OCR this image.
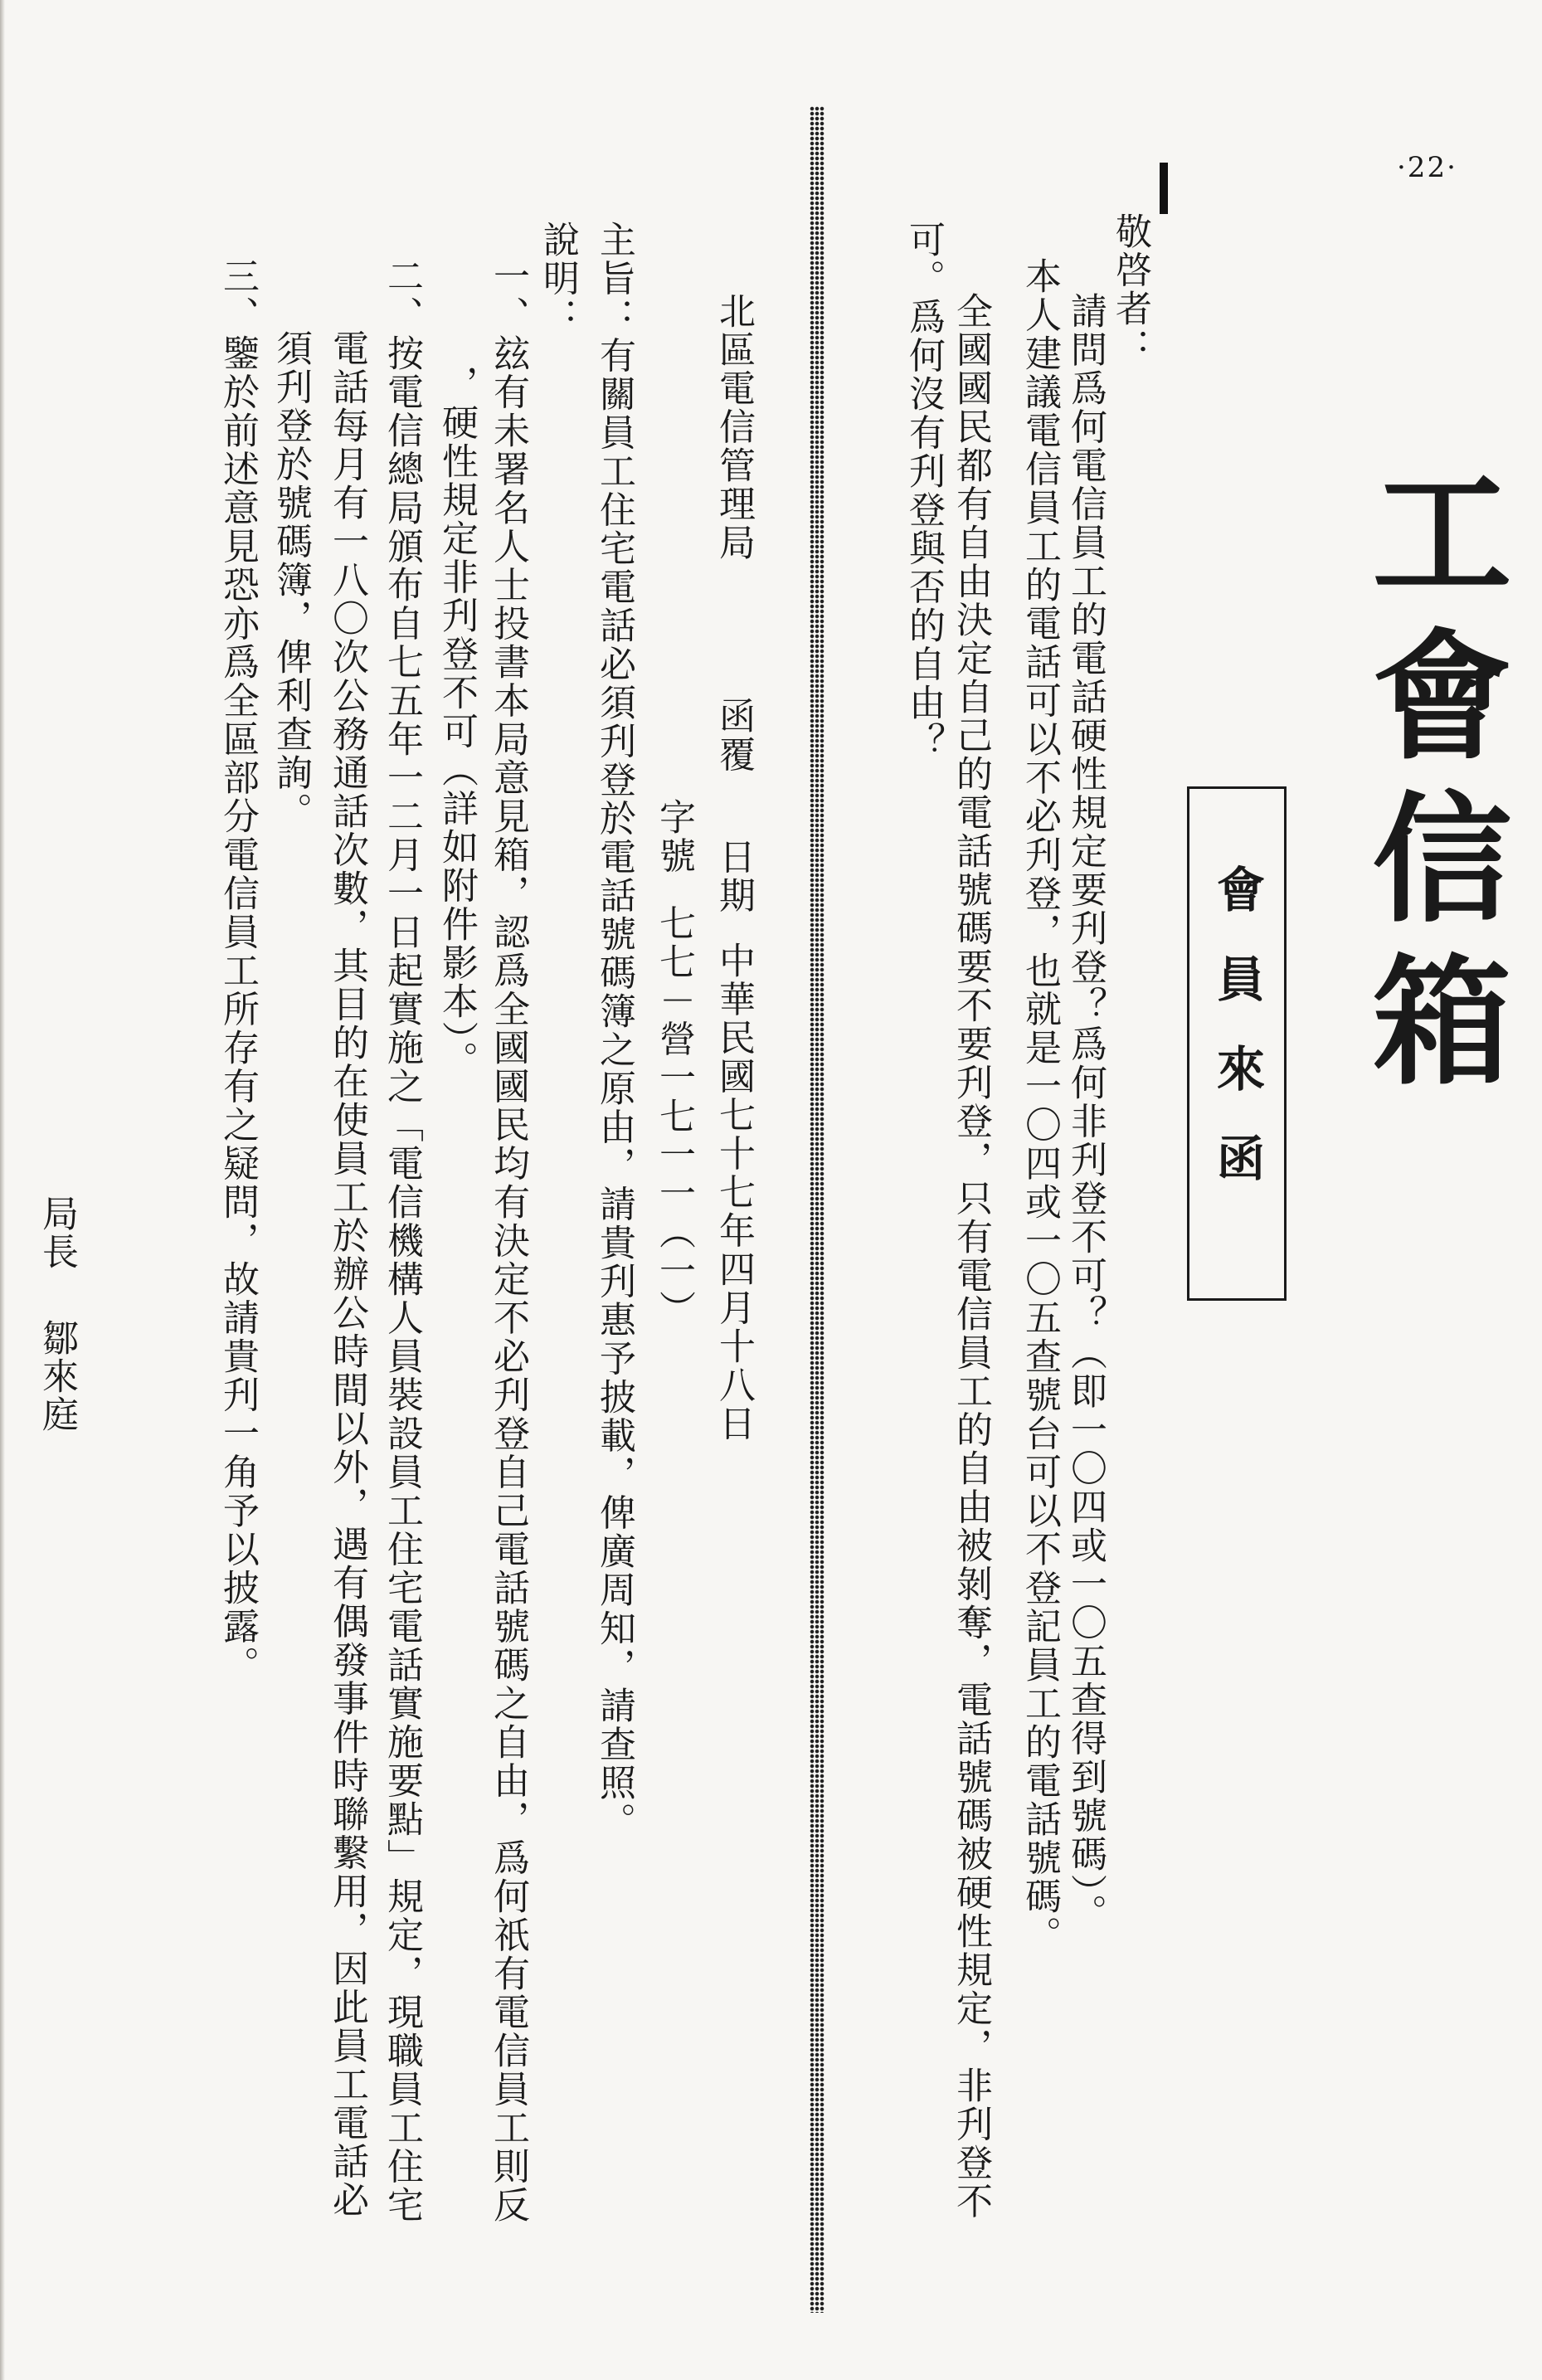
·22·
工會信箱
會員來函
敬啓者：
請問爲何電信員工的電話硬性規定要刋登？爲何非刋登不可？（即一〇四或一〇五查得到號碼）。
本人建議電信員工的電話可以不必刋登，也就是一〇四或一〇五查號台可以不登記員工的電話號碼。
全國國民都有自由決定自己的電話號碼要不要刋登，只有電信員工的自由被剝奪，電話號碼被硬性規定，非刋登不
可。爲何沒有刋登與否的自由？
北區電信管理局
函覆
日期
中華民國七十七年四月十八日
字號
七七－營一七一一（一）
主旨：有關員工住宅電話必須刋登於電話號碼簿之原由，請貴刋惠予披載，俾廣周知，請查照。
說明：
一、玆有未署名人士投書本局意見箱，認爲全國國民均有決定不必刋登自己電話號碼之自由，爲何祇有電信員工則反
，硬性規定非刋登不可（詳如附件影本）。
二、按電信總局頒布自七五年一二月一日起實施之「電信機構人員裝設員工住宅電話實施要點」規定，現職員工住宅
電話每月有一八〇次公務通話次數，其目的在使員工於辦公時間以外，遇有偶發事件時聯繫用，因此員工電話必
須刋登於號碼簿，俾利查詢。
三、鑒於前述意見恐亦爲全區部分電信員工所存有之疑問，故請貴刋一角予以披露。
局長
鄒來庭
